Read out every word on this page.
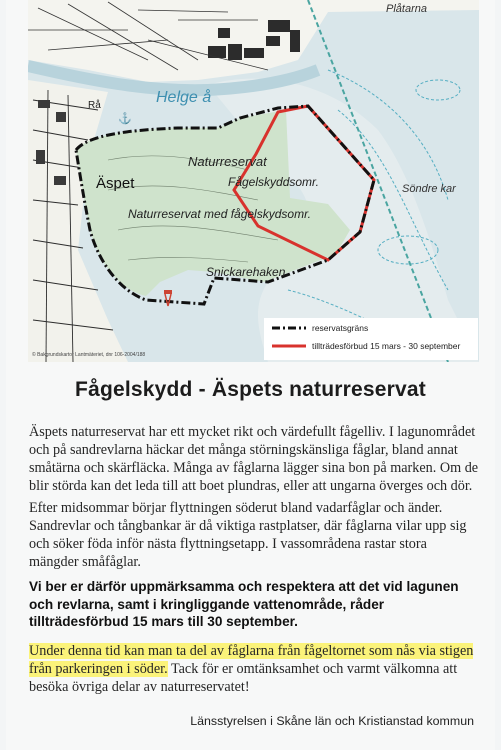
Plåtarna
Helge å
Rå
Äspet
Naturreservat
Fågelskyddsomr.
Naturreservat med fågelskydsomr.
Söndre kar
Snickarehaken
⚓
reservatsgräns
tillträdesförbud 15 mars - 30 september
© Bakgrundskartor Lantmäteriet, dnr 106-2004/188
Fågelskydd - Äspets naturreservat

Äspets naturreservat har ett mycket rikt och värdefullt fågelliv. I lagunområdet och på sandrevlarna häckar det många störningskänsliga fåglar, bland annat småtärna och skärfläcka. Många av fåglarna lägger sina bon på marken. Om de blir störda kan det leda till att boet plundras, eller att ungarna överges och dör.

Efter midsommar börjar flyttningen söderut bland vadarfåglar och änder. Sandrevlar och tångbankar är då viktiga rastplatser, där fåglarna vilar upp sig och söker föda inför nästa flyttningsetapp. I vassområdena rastar stora mängder småfåglar.

Vi ber er därför uppmärksamma och respektera att det vid lagunen och revlarna, samt i kringliggande vattenområde, råder tillträdesförbud 15 mars till 30 september.

Under denna tid kan man ta del av fåglarna från fågeltornet som nås via stigen från parkeringen i söder. Tack för er omtänksamhet och varmt välkomna att besöka övriga delar av naturreservatet!

Länsstyrelsen i Skåne län och Kristianstad kommun
